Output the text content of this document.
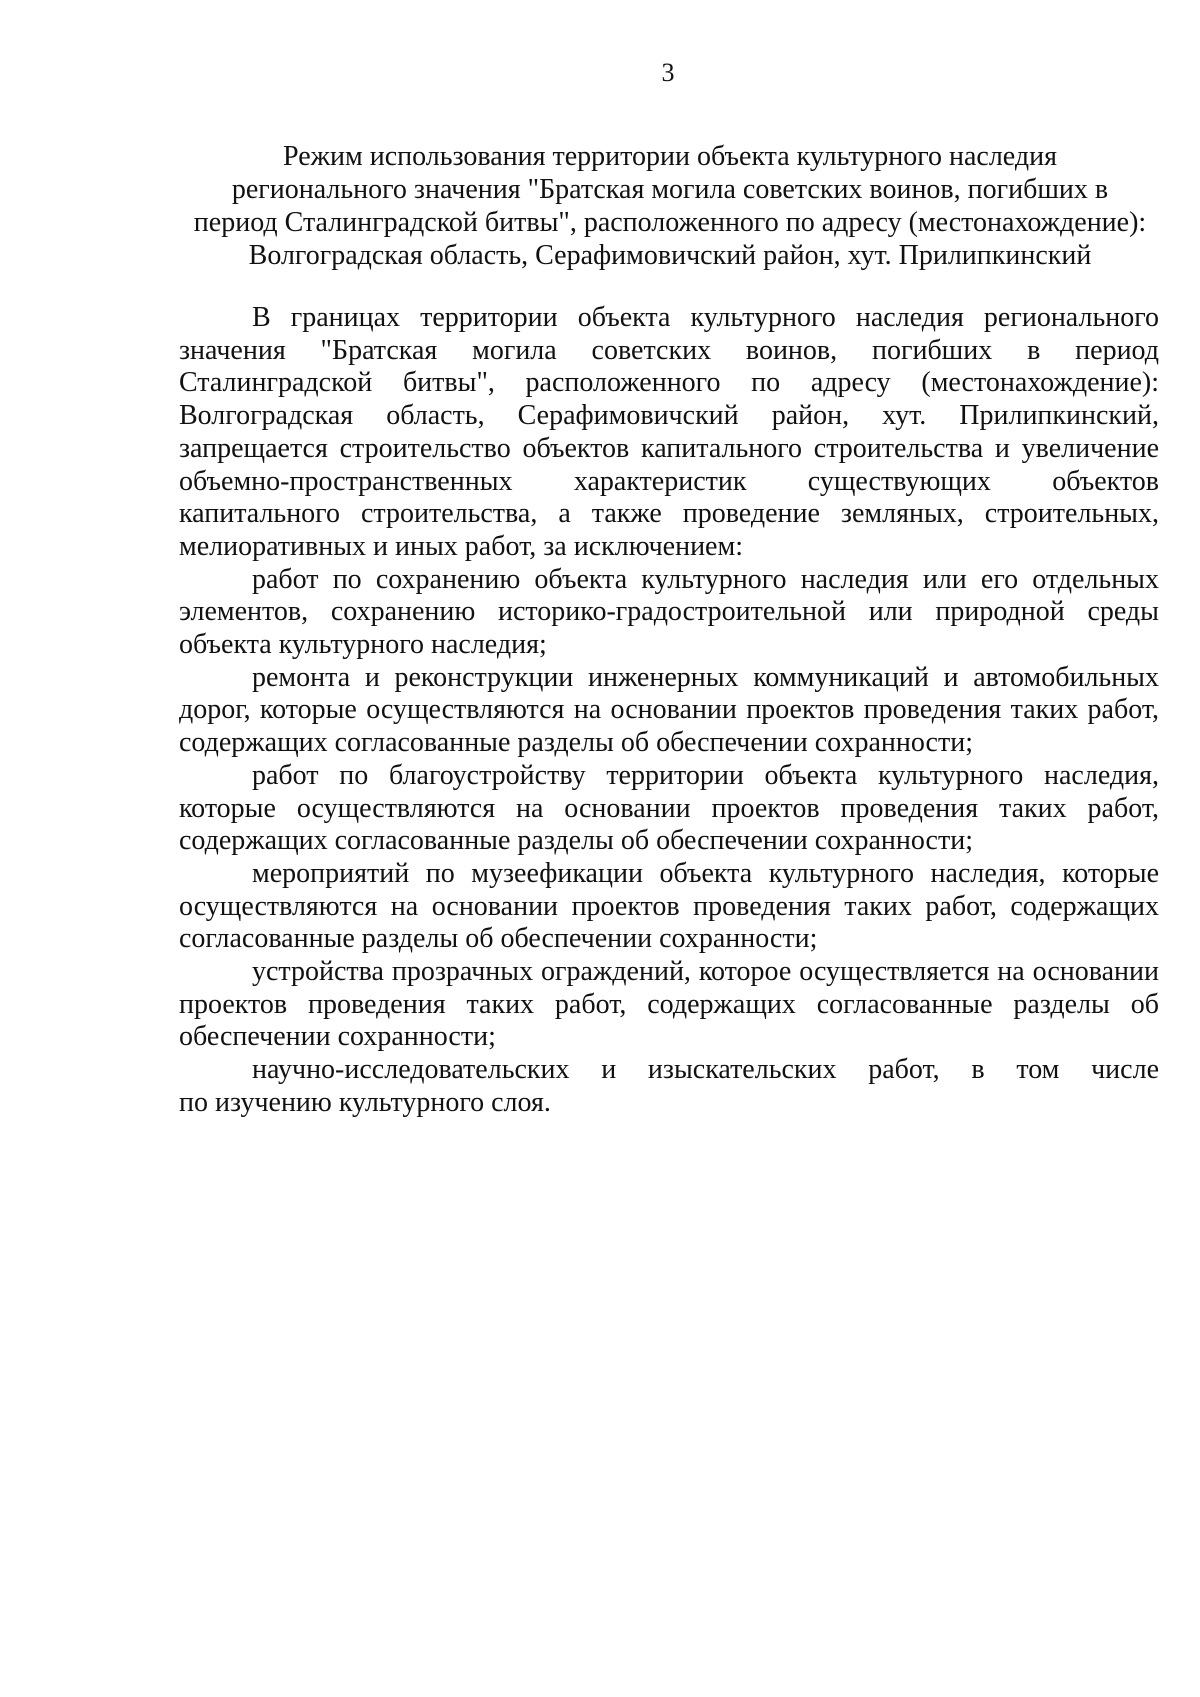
3
Режим использования территории объекта культурного наследия
регионального значения "Братская могила советских воинов, погибших в
период Сталинградской битвы", расположенного по адресу (местонахождение):
Волгоградская область, Серафимовичский район, хут. Прилипкинский

В границах территории объекта культурного наследия регионального значения "Братская могила советских воинов, погибших в период Сталинградской битвы", расположенного по адресу (местонахождение): Волгоградская область, Серафимовичский район, хут. Прилипкинский, запрещается строительство объектов капитального строительства и увеличение объемно-пространственных характеристик существующих объектов капитального строительства, а также проведение земляных, строительных, мелиоративных и иных работ, за исключением:

работ по сохранению объекта культурного наследия или его отдельных элементов, сохранению историко-градостроительной или природной среды объекта культурного наследия;

ремонта и реконструкции инженерных коммуникаций и автомобильных дорог, которые осуществляются на основании проектов проведения таких работ, содержащих согласованные разделы об обеспечении сохранности;

работ по благоустройству территории объекта культурного наследия, которые осуществляются на основании проектов проведения таких работ, содержащих согласованные разделы об обеспечении сохранности;

мероприятий по музеефикации объекта культурного наследия, которые осуществляются на основании проектов проведения таких работ, содержащих согласованные разделы об обеспечении сохранности;

устройства прозрачных ограждений, которое осуществляется на основании проектов проведения таких работ, содержащих согласованные разделы об обеспечении сохранности;

научно-исследовательских и изыскательских работ, в том числе

по изучению культурного слоя.
